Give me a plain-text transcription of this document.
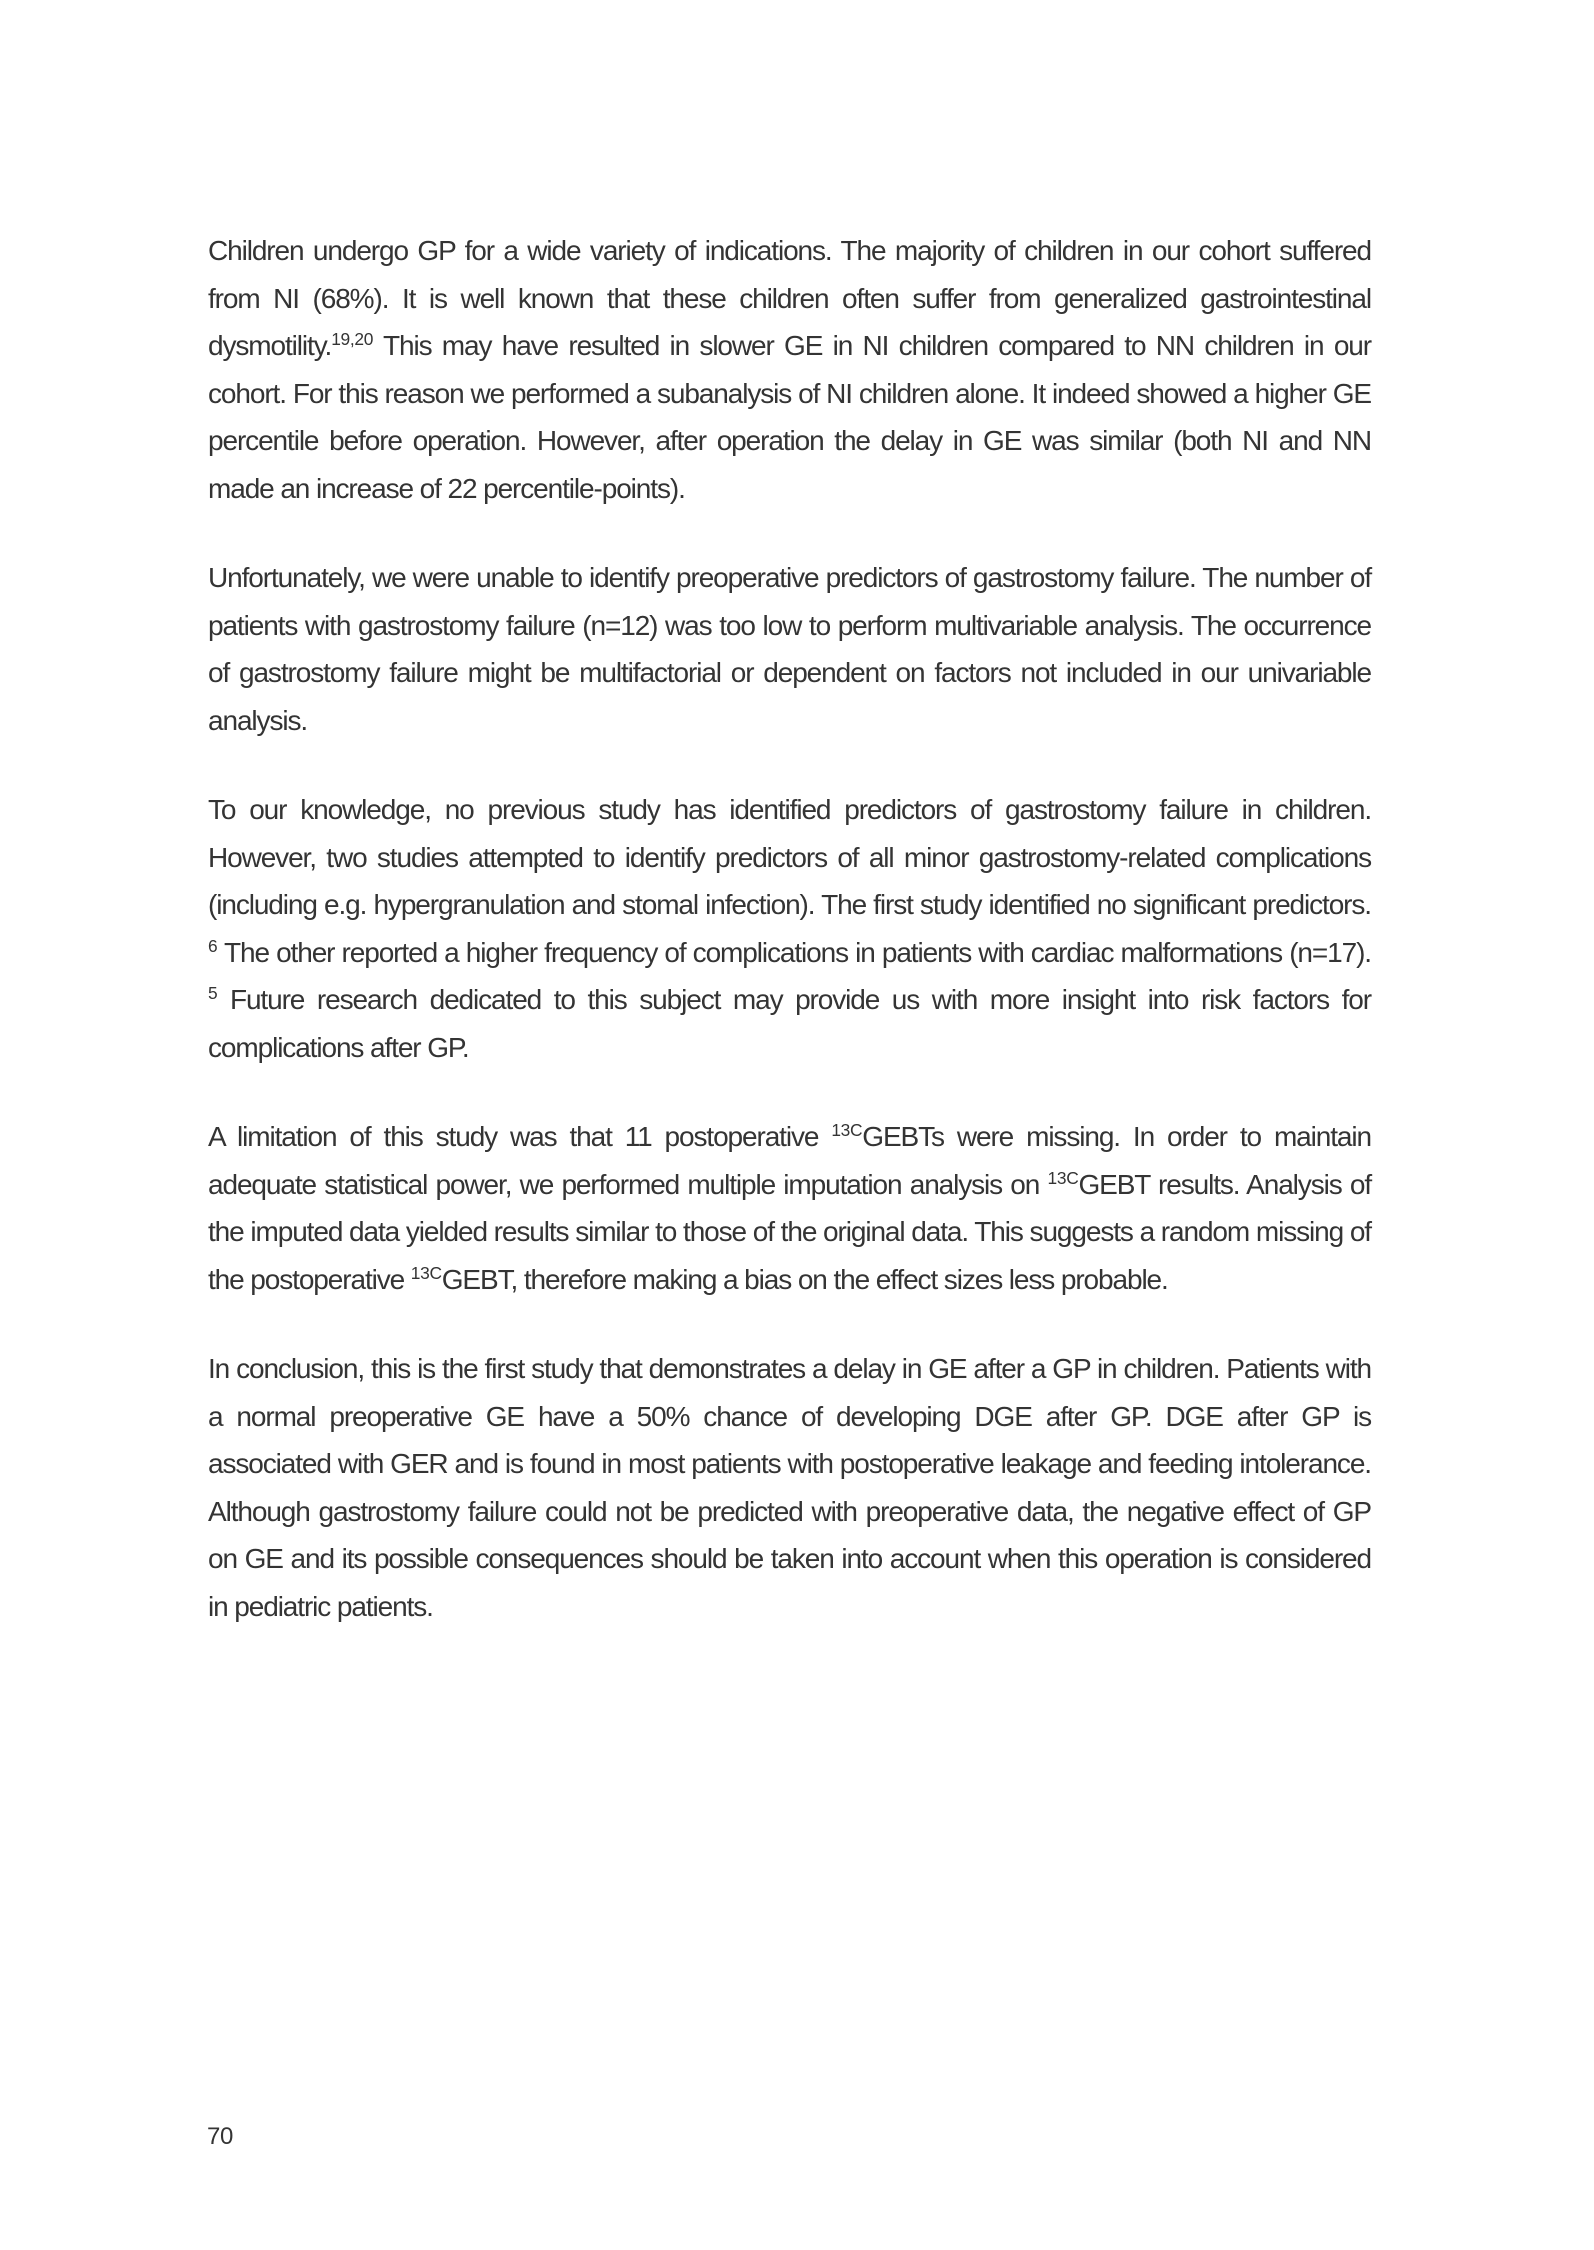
Children undergo GP for a wide variety of indications. The majority of children in our cohort suffered from NI (68%). It is well known that these children often suffer from generalized gastrointestinal dysmotility.$^{19,20}$ This may have resulted in slower GE in NI children compared to NN children in our cohort. For this reason we performed a subanalysis of NI children alone. It indeed showed a higher GE percentile before operation. However, after operation the delay in GE was similar (both NI and NN made an increase of 22 percentile-points).

Unfortunately, we were unable to identify preoperative predictors of gastrostomy failure. The number of patients with gastrostomy failure (n=12) was too low to perform multivariable analysis. The occurrence of gastrostomy failure might be multifactorial or dependent on factors not included in our univariable analysis.

To our knowledge, no previous study has identified predictors of gastrostomy failure in children. However, two studies attempted to identify predictors of all minor gastrostomy-related complications (including e.g. hypergranulation and stomal infection). The first study identified no significant predictors. $^6$ The other reported a higher frequency of complications in patients with cardiac malformations (n=17). $^5$ Future research dedicated to this subject may provide us with more insight into risk factors for complications after GP.

A limitation of this study was that 11 postoperative $^{13C}$GEBTs were missing. In order to maintain adequate statistical power, we performed multiple imputation analysis on $^{13C}$GEBT results. Analysis of the imputed data yielded results similar to those of the original data. This suggests a random missing of the postoperative $^{13C}$GEBT, therefore making a bias on the effect sizes less probable.

In conclusion, this is the first study that demonstrates a delay in GE after a GP in children. Patients with a normal preoperative GE have a 50% chance of developing DGE after GP. DGE after GP is associated with GER and is found in most patients with postoperative leakage and feeding intolerance. Although gastrostomy failure could not be predicted with preoperative data, the negative effect of GP on GE and its possible consequences should be taken into account when this operation is considered in pediatric patients.

70
